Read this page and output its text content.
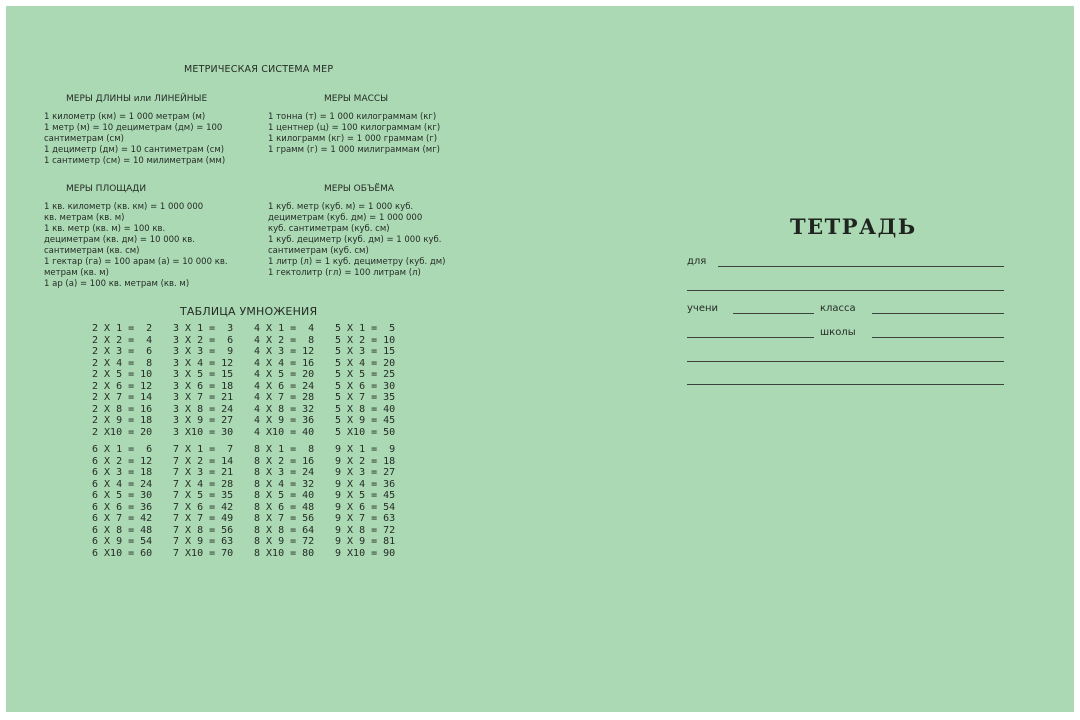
МЕТРИЧЕСКАЯ СИСТЕМА МЕР
МЕРЫ ДЛИНЫ или ЛИНЕЙНЫЕ
1 километр (км) = 1 000 метрам (м)
1 метр (м) = 10 дециметрам (дм) = 100
сантиметрам (см)
1 дециметр (дм) = 10 сантиметрам (см)
1 сантиметр (см) = 10 милиметрам (мм)
МЕРЫ МАССЫ
1 тонна (т) = 1 000 килограммам (кг)
1 центнер (ц) = 100 килограммам (кг)
1 килограмм (кг) = 1 000 граммам (г)
1 грамм (г) = 1 000 милиграммам (мг)
МЕРЫ ПЛОЩАДИ
1 кв. километр (кв. км) = 1 000 000
кв. метрам (кв. м)
1 кв. метр (кв. м) = 100 кв.
дециметрам (кв. дм) = 10 000 кв.
сантиметрам (кв. см)
1 гектар (га) = 100 арам (а) = 10 000 кв.
метрам (кв. м)
1 ар (а) = 100 кв. метрам (кв. м)
МЕРЫ ОБЪЁМА
1 куб. метр (куб. м) = 1 000 куб.
дециметрам (куб. дм) = 1 000 000
куб. сантиметрам (куб. см)
1 куб. дециметр (куб. дм) = 1 000 куб.
сантиметрам (куб. см)
1 литр (л) = 1 куб. дециметру (куб. дм)
1 гектолитр (гл) = 100 литрам (л)
ТАБЛИЦА УМНОЖЕНИЯ
2 X 1 =  2
2 X 2 =  4
2 X 3 =  6
2 X 4 =  8
2 X 5 = 10
2 X 6 = 12
2 X 7 = 14
2 X 8 = 16
2 X 9 = 18
2 X10 = 20
3 X 1 =  3
3 X 2 =  6
3 X 3 =  9
3 X 4 = 12
3 X 5 = 15
3 X 6 = 18
3 X 7 = 21
3 X 8 = 24
3 X 9 = 27
3 X10 = 30
4 X 1 =  4
4 X 2 =  8
4 X 3 = 12
4 X 4 = 16
4 X 5 = 20
4 X 6 = 24
4 X 7 = 28
4 X 8 = 32
4 X 9 = 36
4 X10 = 40
5 X 1 =  5
5 X 2 = 10
5 X 3 = 15
5 X 4 = 20
5 X 5 = 25
5 X 6 = 30
5 X 7 = 35
5 X 8 = 40
5 X 9 = 45
5 X10 = 50
6 X 1 =  6
6 X 2 = 12
6 X 3 = 18
6 X 4 = 24
6 X 5 = 30
6 X 6 = 36
6 X 7 = 42
6 X 8 = 48
6 X 9 = 54
6 X10 = 60
7 X 1 =  7
7 X 2 = 14
7 X 3 = 21
7 X 4 = 28
7 X 5 = 35
7 X 6 = 42
7 X 7 = 49
7 X 8 = 56
7 X 9 = 63
7 X10 = 70
8 X 1 =  8
8 X 2 = 16
8 X 3 = 24
8 X 4 = 32
8 X 5 = 40
8 X 6 = 48
8 X 7 = 56
8 X 8 = 64
8 X 9 = 72
8 X10 = 80
9 X 1 =  9
9 X 2 = 18
9 X 3 = 27
9 X 4 = 36
9 X 5 = 45
9 X 6 = 54
9 X 7 = 63
9 X 8 = 72
9 X 9 = 81
9 X10 = 90
ТЕТРАДЬ
для
учени	класса
школы
